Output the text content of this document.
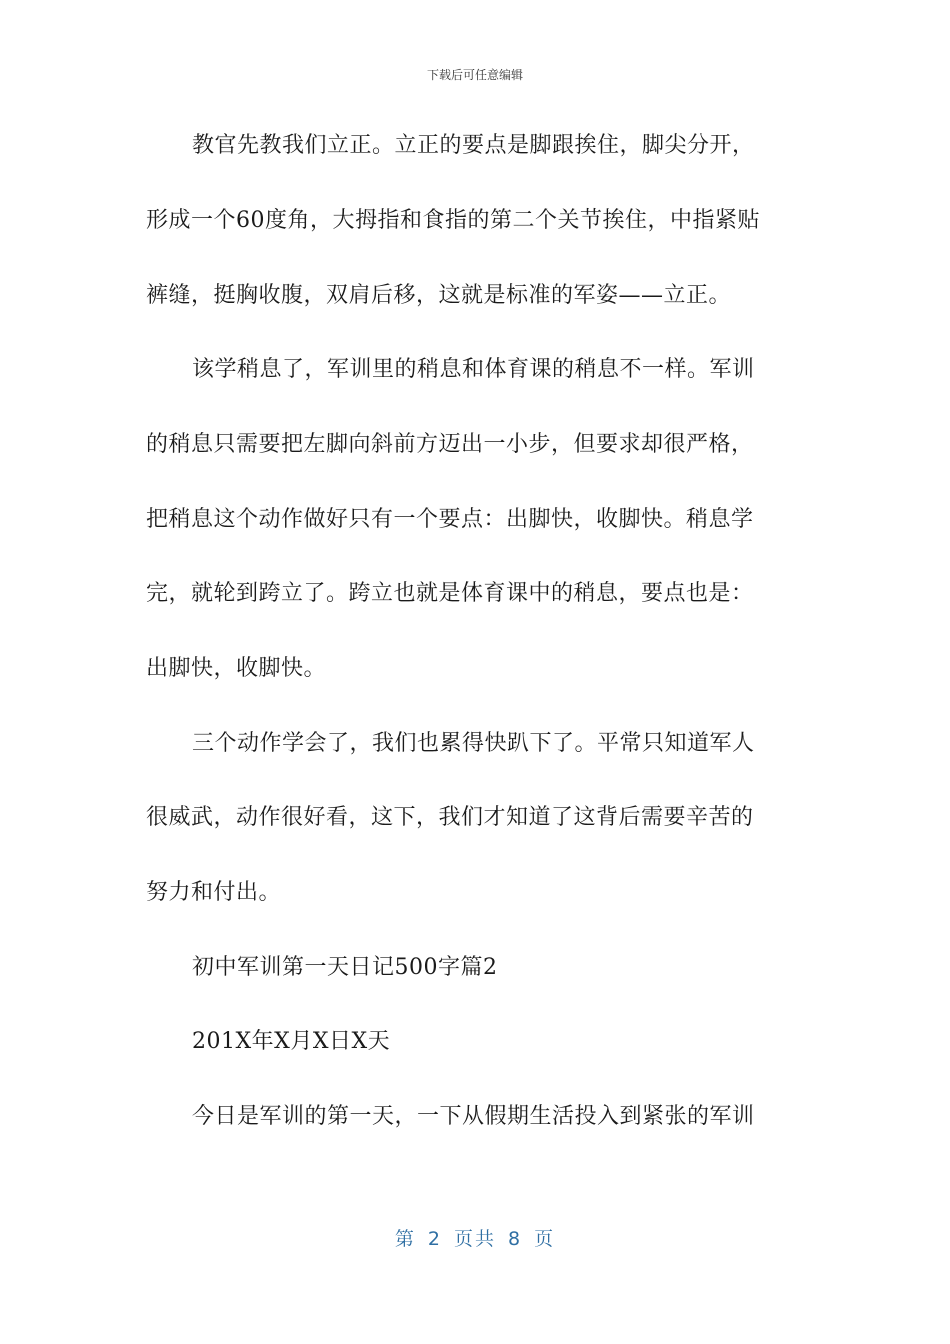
下载后可任意编辑
教官先教我们立正。立正的要点是脚跟挨住，脚尖分开，
形成一个60度角，大拇指和食指的第二个关节挨住，中指紧贴
裤缝，挺胸收腹，双肩后移，这就是标准的军姿——立正。
该学稍息了，军训里的稍息和体育课的稍息不一样。军训
的稍息只需要把左脚向斜前方迈出一小步，但要求却很严格，
把稍息这个动作做好只有一个要点：出脚快，收脚快。稍息学
完，就轮到跨立了。跨立也就是体育课中的稍息，要点也是：
出脚快，收脚快。
三个动作学会了，我们也累得快趴下了。平常只知道军人
很威武，动作很好看，这下，我们才知道了这背后需要辛苦的
努力和付出。
初中军训第一天日记500字篇2
201X年X月X日X天
今日是军训的第一天，一下从假期生活投入到紧张的军训
第 2 页共 8 页
